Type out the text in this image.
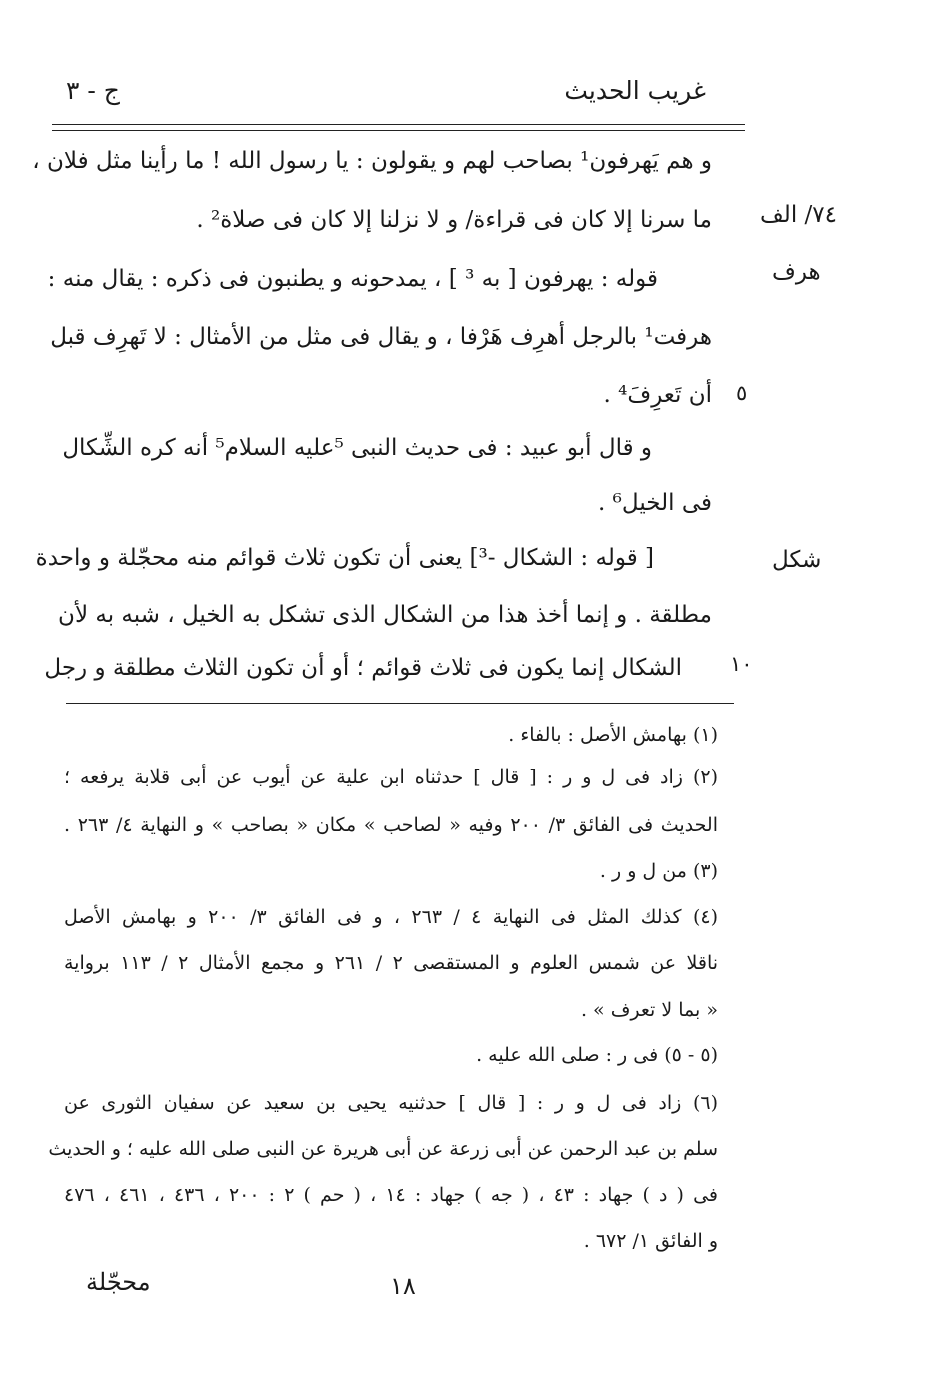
غريب الحديث
ج - ٣
٧٤/ الف
هرف
شكل
٥
١٠
و هم يَهرفون¹ بصاحب لهم و يقولون : يا رسول الله ! ما رأينا مثل فلان ،
ما سرنا إلا كان فى قراءة/ و لا نزلنا إلا كان فى صلاة² .
قوله : يهرفون [ به ³ ] ، يمدحونه و يطنبون فى ذكره : يقال منه :
هرفت¹ بالرجل أهرِف هَرْفا ، و يقال فى مثل من الأمثال : لا تَهرِف قبل
أن تَعرِفَ⁴ .
و قال أبو عبيد : فى حديث النبى ⁵عليه السلام⁵ أنه كره الشِّكال
فى الخيل⁶ .
[ قوله : الشكال -³] يعنى أن تكون ثلاث قوائم منه محجّلة و واحدة
مطلقة . و إنما أخذ هذا من الشكال الذى تشكل به الخيل ، شبه به لأن
الشكال إنما يكون فى ثلاث قوائم ؛ أو أن تكون الثلاث مطلقة و رجل
(١) بهامش الأصل : بالفاء .
(٢) زاد فى ل و ر : [ قال ] حدثناه ابن علية عن أيوب عن أبى قلابة يرفعه ؛
الحديث فى الفائق ٣/ ٢٠٠ وفيه « لصاحب » مكان « بصاحب » و النهاية ٤/ ٢٦٣ .
(٣) من ل و ر .
(٤) كذلك المثل فى النهاية ٤ / ٢٦٣ ، و فى الفائق ٣/ ٢٠٠ و بهامش الأصل
ناقلا عن شمس العلوم و المستقصى ٢ / ٢٦١ و مجمع الأمثال ٢ / ١١٣ برواية
« بما لا تعرف » .
(٥ - ٥) فى ر : صلى الله عليه .
(٦) زاد فى ل و ر : [ قال ] حدثنيه يحيى بن سعيد عن سفيان الثورى عن
سلم بن عبد الرحمن عن أبى زرعة عن أبى هريرة عن النبى صلى الله عليه ؛ و الحديث
فى ( د ) جهاد : ٤٣ ، ( جه ) جهاد : ١٤ ، ( حم ) ٢ : ٢٠٠ ، ٤٣٦ ، ٤٦١ ، ٤٧٦
و الفائق ١/ ٦٧٢ .
١٨
محجّلة
